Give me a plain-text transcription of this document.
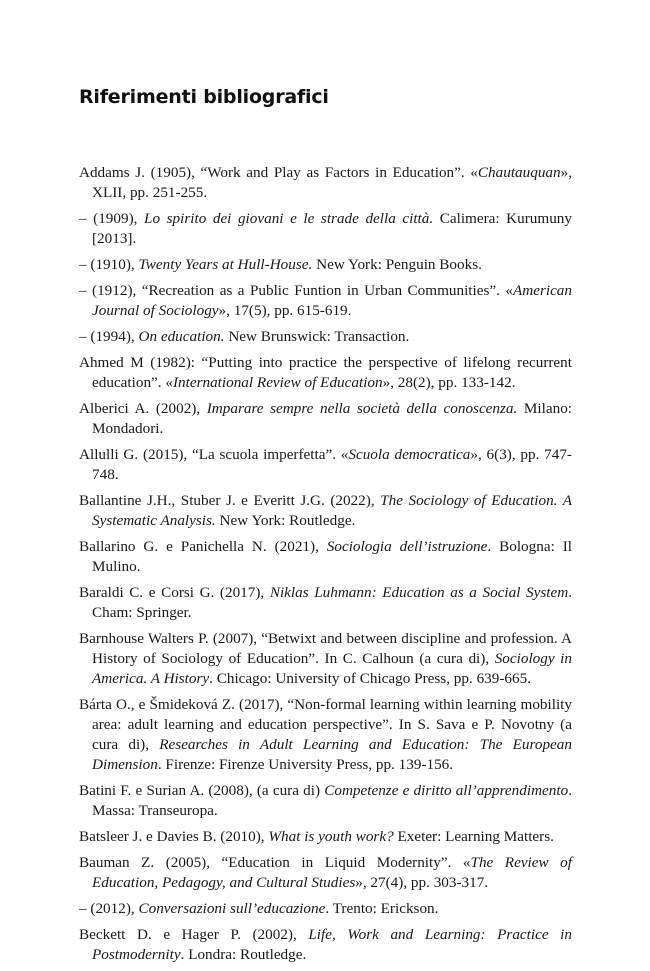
Riferimenti bibliografici

Addams J. (1905), “Work and Play as Factors in Education”. «Chautauquan», XLII, pp. 251-255.

– (1909), Lo spirito dei giovani e le strade della città. Calimera: Kurumuny [2013].

– (1910), Twenty Years at Hull-House. New York: Penguin Books.

– (1912), “Recreation as a Public Funtion in Urban Communities”. «American Journal of Sociology», 17(5), pp. 615-619.

– (1994), On education. New Brunswick: Transaction.

Ahmed M (1982): “Putting into practice the perspective of lifelong recurrent education”. «International Review of Education», 28(2), pp. 133-142.

Alberici A. (2002), Imparare sempre nella società della conoscenza. Milano: Mondadori.

Allulli G. (2015), “La scuola imperfetta”. «Scuola democratica», 6(3), pp. 747-748.

Ballantine J.H., Stuber J. e Everitt J.G. (2022), The Sociology of Education. A Systematic Analysis. New York: Routledge.

Ballarino G. e Panichella N. (2021), Sociologia dell’istruzione. Bologna: Il Mulino.

Baraldi C. e Corsi G. (2017), Niklas Luhmann: Education as a Social System. Cham: Springer.

Barnhouse Walters P. (2007), “Betwixt and between discipline and profession. A History of Sociology of Education”. In C. Calhoun (a cura di), Sociology in America. A History. Chicago: University of Chicago Press, pp. 639-665.

Bárta O., e Šmideková Z. (2017), “Non-formal learning within learning mobility area: adult learning and education perspective”. In S. Sava e P. Novotny (a cura di), Researches in Adult Learning and Education: The European Dimension. Firenze: Firenze University Press, pp. 139-156.

Batini F. e Surian A. (2008), (a cura di) Competenze e diritto all’apprendimento. Massa: Transeuropa.

Batsleer J. e Davies B. (2010), What is youth work? Exeter: Learning Matters.

Bauman Z. (2005), “Education in Liquid Modernity”. «The Review of Education, Pedagogy, and Cultural Studies», 27(4), pp. 303-317.

– (2012), Conversazioni sull’educazione. Trento: Erickson.

Beckett D. e Hager P. (2002), Life, Work and Learning: Practice in Postmodernity. Londra: Routledge.
